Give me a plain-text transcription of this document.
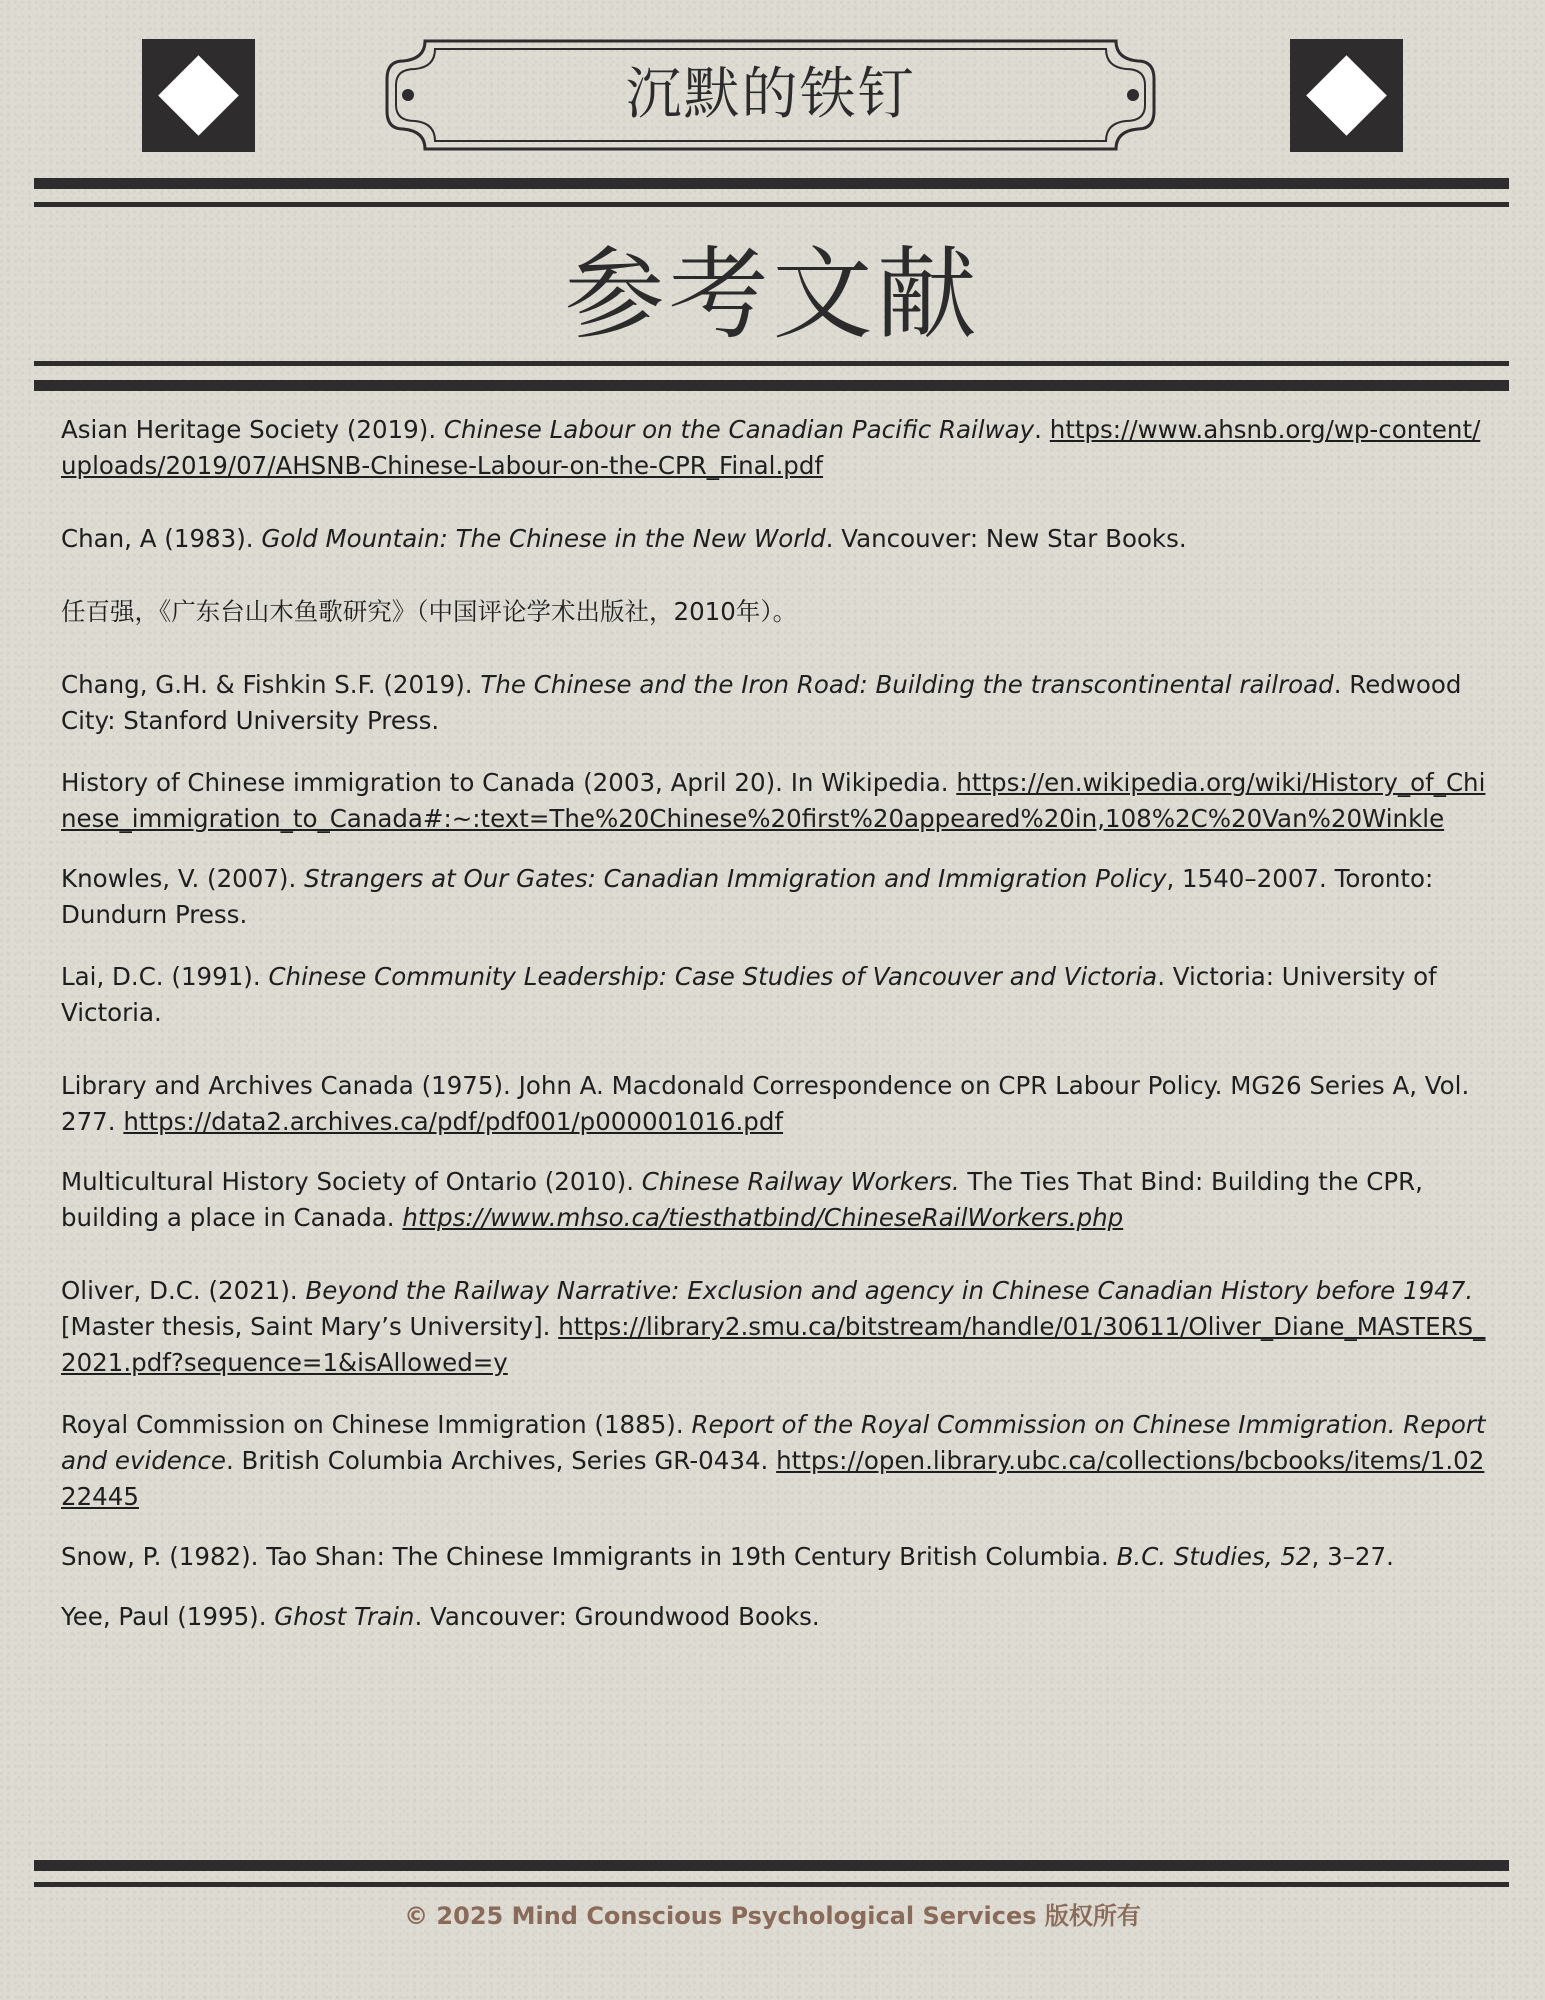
沉默的铁钉
参考文献

Asian Heritage Society (2019). Chinese Labour on the Canadian Pacific Railway. https://www.ahsnb.org/wp-content/uploads/2019/07/AHSNB-Chinese-Labour-on-the-CPR_Final.pdf

Chan, A (1983). Gold Mountain: The Chinese in the New World. Vancouver: New Star Books.

任百强，《广东台山木鱼歌研究》（中国评论学术出版社，2010年）。

Chang, G.H. & Fishkin S.F. (2019). The Chinese and the Iron Road: Building the transcontinental railroad. Redwood City: Stanford University Press.

History of Chinese immigration to Canada (2003, April 20). In Wikipedia. https://en.wikipedia.org/wiki/History_of_Chinese_immigration_to_Canada#:~:text=The%20Chinese%20first%20appeared%20in,108%2C%20Van%20Winkle

Knowles, V. (2007). Strangers at Our Gates: Canadian Immigration and Immigration Policy, 1540–2007. Toronto: Dundurn Press.

Lai, D.C. (1991). Chinese Community Leadership: Case Studies of Vancouver and Victoria. Victoria: University of Victoria.

Library and Archives Canada (1975). John A. Macdonald Correspondence on CPR Labour Policy. MG26 Series A, Vol. 277. https://data2.archives.ca/pdf/pdf001/p000001016.pdf

Multicultural History Society of Ontario (2010). Chinese Railway Workers. The Ties That Bind: Building the CPR, building a place in Canada. https://www.mhso.ca/tiesthatbind/ChineseRailWorkers.php

Oliver, D.C. (2021). Beyond the Railway Narrative: Exclusion and agency in Chinese Canadian History before 1947. [Master thesis, Saint Mary’s University]. https://library2.smu.ca/bitstream/handle/01/30611/Oliver_Diane_MASTERS_2021.pdf?sequence=1&isAllowed=y

Royal Commission on Chinese Immigration (1885). Report of the Royal Commission on Chinese Immigration. Report and evidence. British Columbia Archives, Series GR-0434. https://open.library.ubc.ca/collections/bcbooks/items/1.0222445

Snow, P. (1982). Tao Shan: The Chinese Immigrants in 19th Century British Columbia. B.C. Studies, 52, 3–27.

Yee, Paul (1995). Ghost Train. Vancouver: Groundwood Books.

© 2025 Mind Conscious Psychological Services 版权所有
